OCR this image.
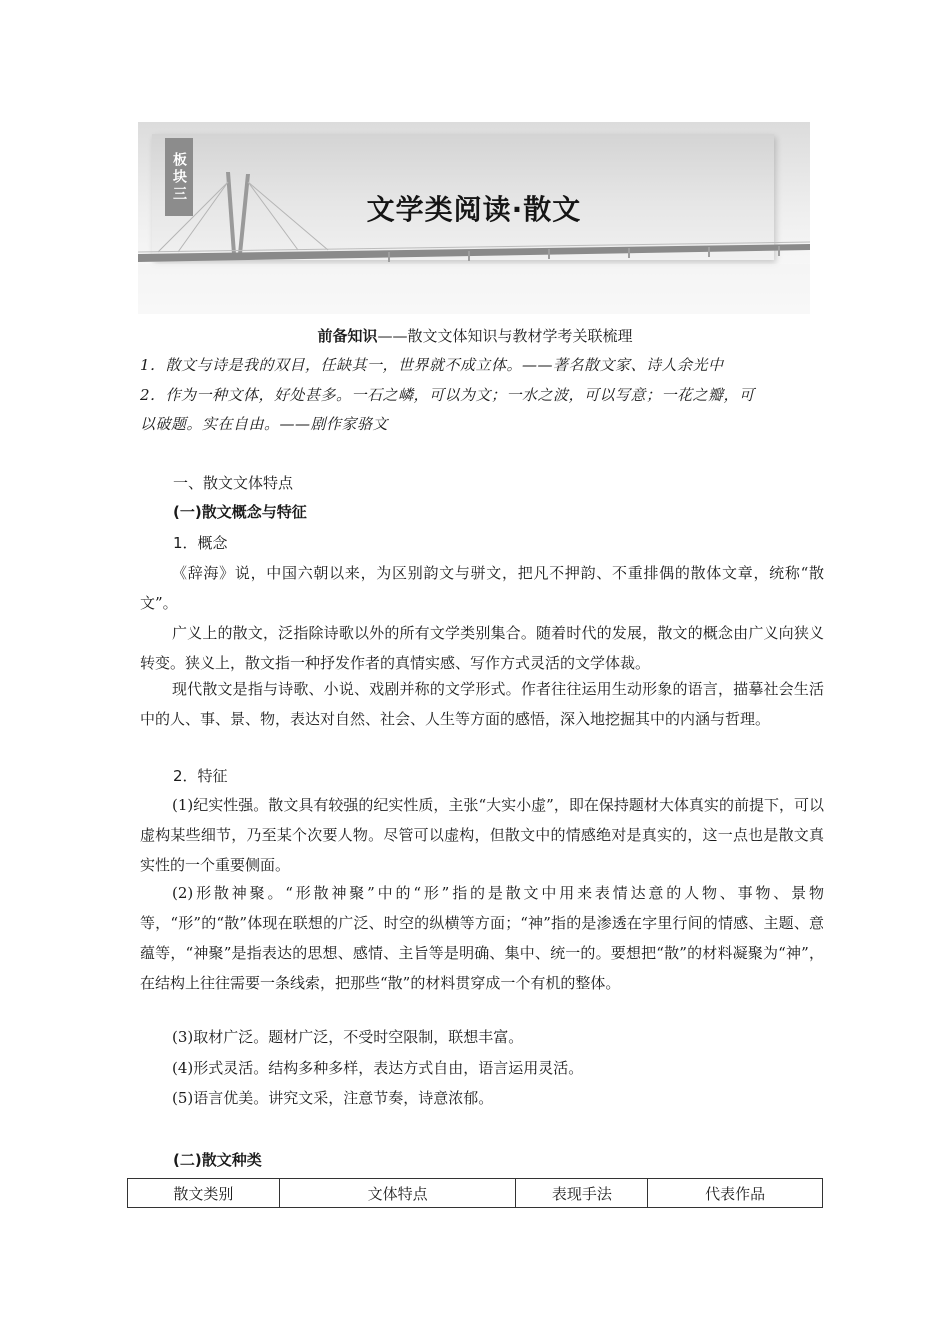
板块三
文学类阅读·散文
前备知识——散文文体知识与教材学考关联梳理
1．散文与诗是我的双目，任缺其一，世界就不成立体。——著名散文家、诗人余光中
2．作为一种文体，好处甚多。一石之嶙，可以为文；一水之波，可以写意；一花之瓣，可
以破题。实在自由。——剧作家骆文
一、散文文体特点
(一)散文概念与特征
1．概念
《辞海》说，中国六朝以来，为区别韵文与骈文，把凡不押韵、不重排偶的散体文章，统称“散文”。
广义上的散文，泛指除诗歌以外的所有文学类别集合。随着时代的发展，散文的概念由广义向狭义转变。狭义上，散文指一种抒发作者的真情实感、写作方式灵活的文学体裁。
现代散文是指与诗歌、小说、戏剧并称的文学形式。作者往往运用生动形象的语言，描摹社会生活中的人、事、景、物，表达对自然、社会、人生等方面的感悟，深入地挖掘其中的内涵与哲理。
2．特征
(1)纪实性强。散文具有较强的纪实性质，主张“大实小虚”，即在保持题材大体真实的前提下，可以虚构某些细节，乃至某个次要人物。尽管可以虚构，但散文中的情感绝对是真实的，这一点也是散文真实性的一个重要侧面。
(2)形散神聚。“形散神聚”中的“形”指的是散文中用来表情达意的人物、事物、景物等，“形”的“散”体现在联想的广泛、时空的纵横等方面；“神”指的是渗透在字里行间的情感、主题、意蕴等，“神聚”是指表达的思想、感情、主旨等是明确、集中、统一的。要想把“散”的材料凝聚为“神”，在结构上往往需要一条线索，把那些“散”的材料贯穿成一个有机的整体。
(3)取材广泛。题材广泛，不受时空限制，联想丰富。
(4)形式灵活。结构多种多样，表达方式自由，语言运用灵活。
(5)语言优美。讲究文采，注意节奏，诗意浓郁。
(二)散文种类
散文类别	文体特点	表现手法	代表作品
